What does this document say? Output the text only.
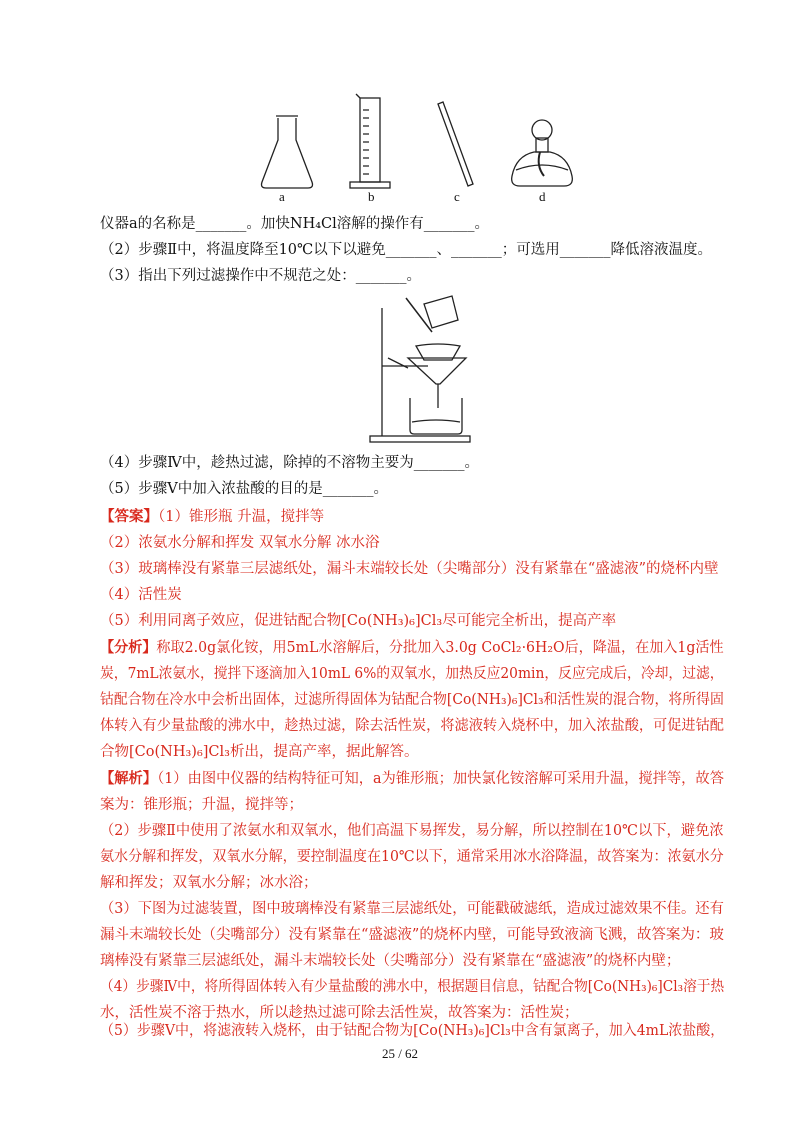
a	b	c	d
仪器a的名称是_______。加快NH₄Cl溶解的操作有_______。
（2）步骤Ⅱ中，将温度降至10℃以下以避免_______、_______；可选用_______降低溶液温度。
（3）指出下列过滤操作中不规范之处：_______。
（4）步骤Ⅳ中，趁热过滤，除掉的不溶物主要为_______。
（5）步骤Ⅴ中加入浓盐酸的目的是_______。
【答案】（1）锥形瓶 升温，搅拌等
（2）浓氨水分解和挥发 双氧水分解 冰水浴
（3）玻璃棒没有紧靠三层滤纸处，漏斗末端较长处（尖嘴部分）没有紧靠在“盛滤液”的烧杯内壁
（4）活性炭
（5）利用同离子效应，促进钴配合物[Co(NH₃)₆]Cl₃尽可能完全析出，提高产率
【分析】称取2.0g氯化铵，用5mL水溶解后，分批加入3.0g CoCl₂·6H₂O后，降温，在加入1g活性
炭，7mL浓氨水，搅拌下逐滴加入10mL 6%的双氧水，加热反应20min，反应完成后，冷却，过滤，
钴配合物在冷水中会析出固体，过滤所得固体为钴配合物[Co(NH₃)₆]Cl₃和活性炭的混合物，将所得固
体转入有少量盐酸的沸水中，趁热过滤，除去活性炭，将滤液转入烧杯中，加入浓盐酸，可促进钴配
合物[Co(NH₃)₆]Cl₃析出，提高产率，据此解答。
【解析】（1）由图中仪器的结构特征可知，a为锥形瓶；加快氯化铵溶解可采用升温，搅拌等，故答
案为：锥形瓶；升温，搅拌等；
（2）步骤Ⅱ中使用了浓氨水和双氧水，他们高温下易挥发，易分解，所以控制在10℃以下，避免浓
氨水分解和挥发，双氧水分解，要控制温度在10℃以下，通常采用冰水浴降温，故答案为：浓氨水分
解和挥发；双氧水分解；冰水浴；
（3）下图为过滤装置，图中玻璃棒没有紧靠三层滤纸处，可能戳破滤纸，造成过滤效果不佳。还有
漏斗末端较长处（尖嘴部分）没有紧靠在“盛滤液”的烧杯内壁，可能导致液滴飞溅，故答案为：玻
璃棒没有紧靠三层滤纸处，漏斗末端较长处（尖嘴部分）没有紧靠在“盛滤液”的烧杯内壁；
（4）步骤Ⅳ中，将所得固体转入有少量盐酸的沸水中，根据题目信息，钴配合物[Co(NH₃)₆]Cl₃溶于热
水，活性炭不溶于热水，所以趁热过滤可除去活性炭，故答案为：活性炭；
（5）步骤Ⅴ中，将滤液转入烧杯，由于钴配合物为[Co(NH₃)₆]Cl₃中含有氯离子，加入4mL浓盐酸，
25 / 62
